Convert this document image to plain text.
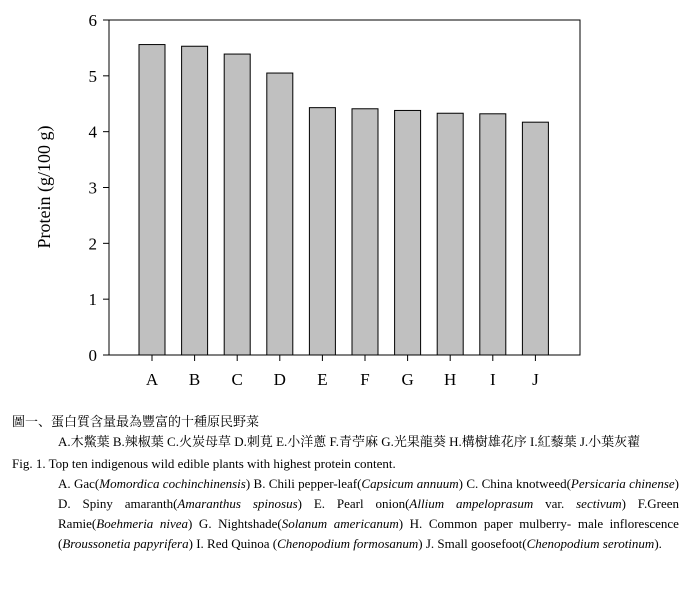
0
1
2
3
4
5
6
A B C D E F G H I J
Protein (g/100 g)
圖一、蛋白質含量最為豐富的十種原民野菜
A.木鱉葉 B.辣椒葉 C.火炭母草 D.刺莧 E.小洋蔥 F.青苧麻 G.光果龍葵 H.構樹雄花序 I.紅藜葉 J.小葉灰藋
Fig. 1. Top ten indigenous wild edible plants with highest protein content.
A. Gac(Momordica cochinchinensis) B. Chili pepper-leaf(Capsicum annuum) C. China knotweed(Persicaria chinense) D. Spiny amaranth(Amaranthus spinosus) E. Pearl onion(Allium ampeloprasum var. sectivum) F.Green Ramie(Boehmeria nivea) G. Nightshade(Solanum americanum) H. Common paper mulberry- male inflorescence (Broussonetia papyrifera) I. Red Quinoa (Chenopodium formosanum) J. Small goosefoot(Chenopodium serotinum).
